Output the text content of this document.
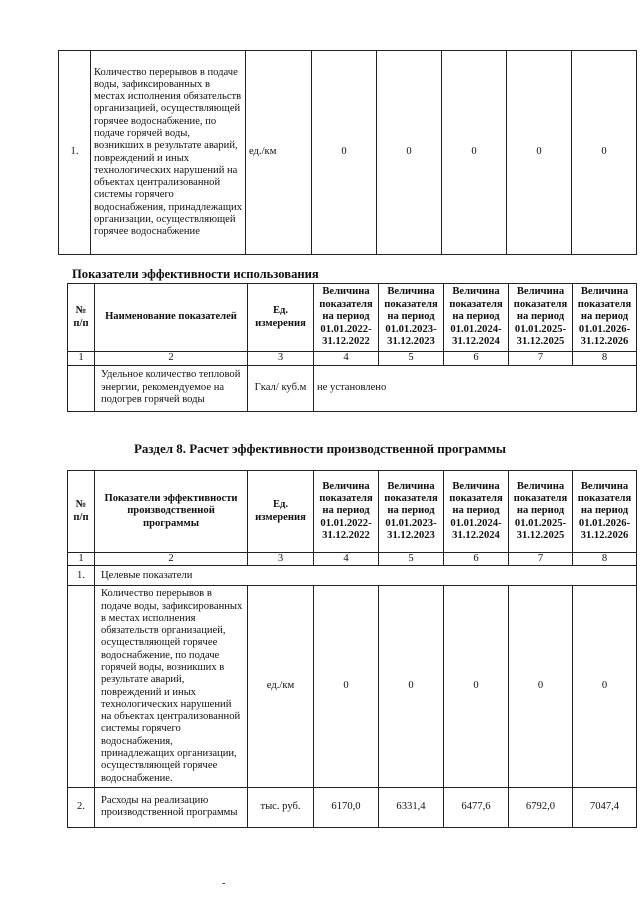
1.	Количество перерывов в подаче воды, зафиксированных в местах исполнения обязательств организацией, осуществляющей горячее водоснабжение, по подаче горячей воды, возникших в результате аварий, повреждений и иных технологических нарушений на объектах централизованной системы горячего водоснабжения, принадлежащих организации, осуществляющей горячее водоснабжение	ед./км	0	0	0	0	0
Показатели эффективности использования
№ п/п	Наименование показателей	Ед. измерения	Величина показателя на период 01.01.2022-31.12.2022	Величина показателя на период 01.01.2023-31.12.2023	Величина показателя на период 01.01.2024-31.12.2024	Величина показателя на период 01.01.2025-31.12.2025	Величина показателя на период 01.01.2026-31.12.2026
1	2	3	4	5	6	7	8
	Удельное количество тепловой энергии, рекомендуемое на подогрев горячей воды	Гкал/ куб.м	не установлено				
Раздел 8. Расчет эффективности производственной программы
№ п/п	Показатели эффективности производственной программы	Ед. измерения	Величина показателя на период 01.01.2022-31.12.2022	Величина показателя на период 01.01.2023-31.12.2023	Величина показателя на период 01.01.2024-31.12.2024	Величина показателя на период 01.01.2025-31.12.2025	Величина показателя на период 01.01.2026-31.12.2026
1	2	3	4	5	6	7	8
1.	Целевые показатели						
	Количество перерывов в подаче воды, зафиксированных в местах исполнения обязательств организацией, осуществляющей горячее водоснабжение, по подаче горячей воды, возникших в результате аварий, повреждений и иных технологических нарушений на объектах централизованной системы горячего водоснабжения, принадлежащих организации, осуществляющей горячее водоснабжение.	ед./км	0	0	0	0	0
2.	Расходы на реализацию производственной программы	тыс. руб.	6170,0	6331,4	6477,6	6792,0	7047,4
-
